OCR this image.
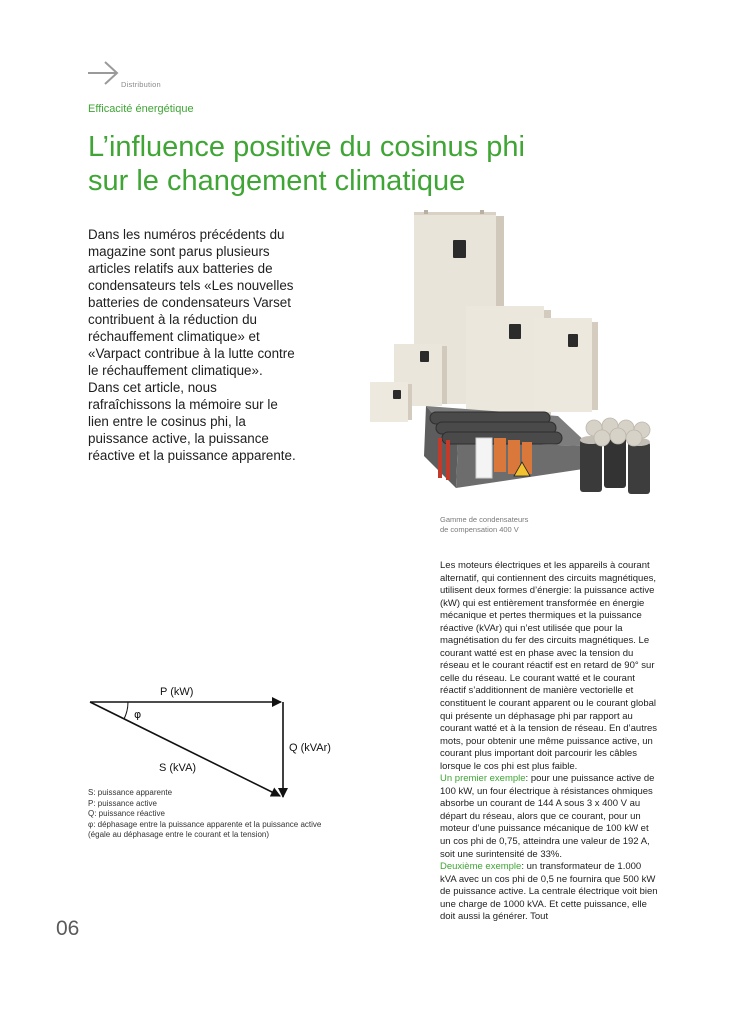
Distribution
Efficacité énergétique
L’influence positive du cosinus phi
sur le changement climatique

Dans les numéros précédents du magazine sont parus plusieurs articles relatifs aux batteries de condensateurs tels «Les nouvelles batteries de condensateurs Varset contribuent à la réduction du réchauffement climatique» et «Varpact contribue à la lutte contre le réchauffement climatique».

Dans cet article, nous rafraîchissons la mémoire sur le lien entre le cosinus phi, la puissance active, la puissance réactive et la puissance apparente.

Gamme de condensateurs
de compensation 400 V
P (kW)
φ
Q (kVAr)
S (kVA)
S: puissance apparente
P: puissance active
Q: puissance réactive
φ: déphasage entre la puissance apparente et la puissance active
(égale au déphasage entre le courant et la tension)

Les moteurs électriques et les appareils à courant alternatif, qui contiennent des circuits magnétiques, utilisent deux formes d’énergie: la puissance active (kW) qui est entièrement transformée en énergie mécanique et pertes thermiques et la puissance réactive (kVAr) qui n’est utilisée que pour la magnétisation du fer des circuits magnétiques. Le courant watté est en phase avec la tension du réseau et le courant réactif est en retard de 90° sur celle du réseau. Le courant watté et le courant réactif s’additionnent de manière vectorielle et constituent le courant apparent ou le courant global qui présente un déphasage phi par rapport au courant watté et à la tension de réseau. En d’autres mots, pour obtenir une même puissance active, un courant plus important doit parcourir les câbles lorsque le cos phi est plus faible.

Un premier exemple: pour une puissance active de 100 kW, un four électrique à résistances ohmiques absorbe un courant de 144 A sous 3 x 400 V au départ du réseau, alors que ce courant, pour un moteur d’une puissance mécanique de 100 kW et un cos phi de 0,75, atteindra une valeur de 192 A, soit une surintensité de 33%.

Deuxième exemple: un transformateur de 1.000 kVA avec un cos phi de 0,5 ne fournira que 500 kW de puissance active. La centrale électrique voit bien une charge de 1000 kVA. Et cette puissance, elle doit aussi la générer. Tout

06
